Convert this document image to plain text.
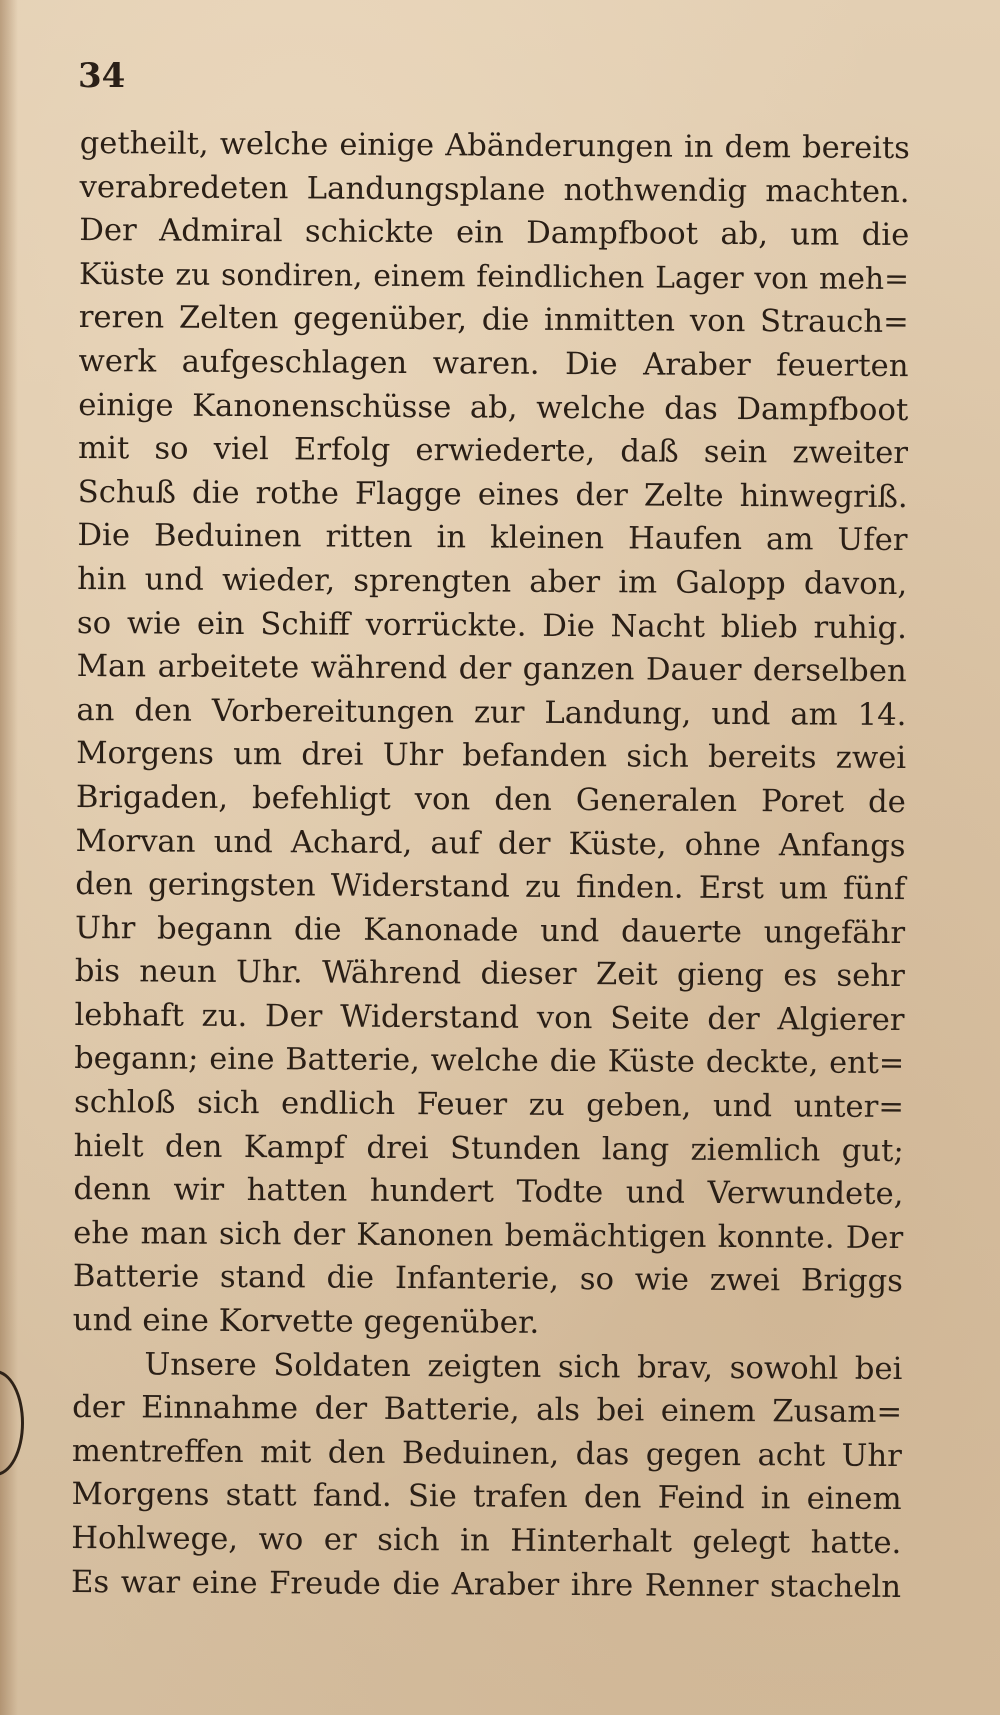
34

getheilt, welche einige Abänderungen in dem bereits
verabredeten Landungsplane nothwendig machten.
Der Admiral schickte ein Dampfboot ab, um die
Küste zu sondiren, einem feindlichen Lager von meh=
reren Zelten gegenüber, die inmitten von Strauch=
werk aufgeschlagen waren. Die Araber feuerten
einige Kanonenschüsse ab, welche das Dampfboot
mit so viel Erfolg erwiederte, daß sein zweiter
Schuß die rothe Flagge eines der Zelte hinwegriß.
Die Beduinen ritten in kleinen Haufen am Ufer
hin und wieder, sprengten aber im Galopp davon,
so wie ein Schiff vorrückte. Die Nacht blieb ruhig.
Man arbeitete während der ganzen Dauer derselben
an den Vorbereitungen zur Landung, und am 14.
Morgens um drei Uhr befanden sich bereits zwei
Brigaden, befehligt von den Generalen Poret de
Morvan und Achard, auf der Küste, ohne Anfangs
den geringsten Widerstand zu finden. Erst um fünf
Uhr begann die Kanonade und dauerte ungefähr
bis neun Uhr. Während dieser Zeit gieng es sehr
lebhaft zu. Der Widerstand von Seite der Algierer
begann; eine Batterie, welche die Küste deckte, ent=
schloß sich endlich Feuer zu geben, und unter=
hielt den Kampf drei Stunden lang ziemlich gut;
denn wir hatten hundert Todte und Verwundete,
ehe man sich der Kanonen bemächtigen konnte. Der
Batterie stand die Infanterie, so wie zwei Briggs
und eine Korvette gegenüber.
Unsere Soldaten zeigten sich brav, sowohl bei
der Einnahme der Batterie, als bei einem Zusam=
mentreffen mit den Beduinen, das gegen acht Uhr
Morgens statt fand. Sie trafen den Feind in einem
Hohlwege, wo er sich in Hinterhalt gelegt hatte.
Es war eine Freude die Araber ihre Renner stacheln
